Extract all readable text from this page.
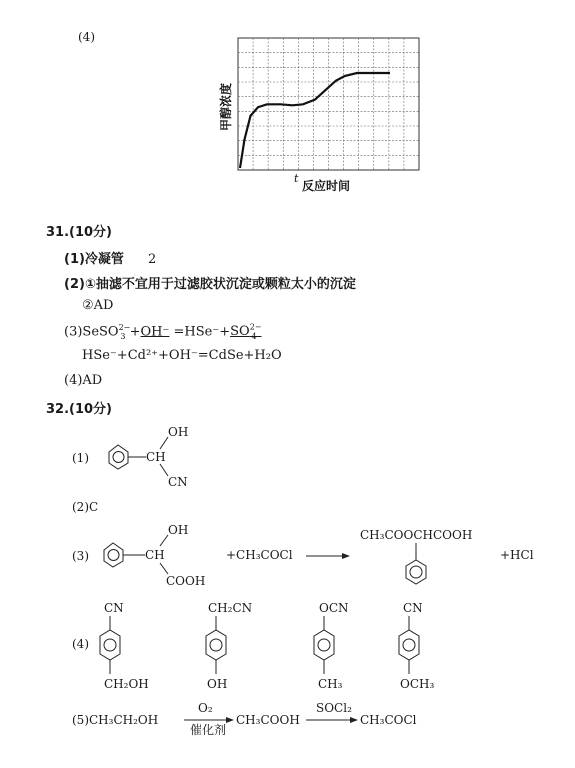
(4)
甲醇浓度
t
反应时间
31.(10分)
(1)冷凝管 2
(2)①抽滤不宜用于过滤胶状沉淀或颗粒太小的沉淀
②AD
(3)SeSO$^{2-}_3$ $+OH^- =HSe^-+SO^{2-}_4$
HSe⁻+Cd²⁺+OH⁻=CdSe+H₂O
(4)AD
32.(10分)
(1)	CH
OH
CN
(2)C
(3)	CH
OH
COOH
+CH₃COCl
CH₃COOCHCOOH
+HCl
(4)
CN
CH₂OH
CH₂CN
OH
OCN
CH₃
CN
OCH₃
(5)CH₃CH₂OH
O₂
催化剂
CH₃COOH
SOCl₂
CH₃COCl
